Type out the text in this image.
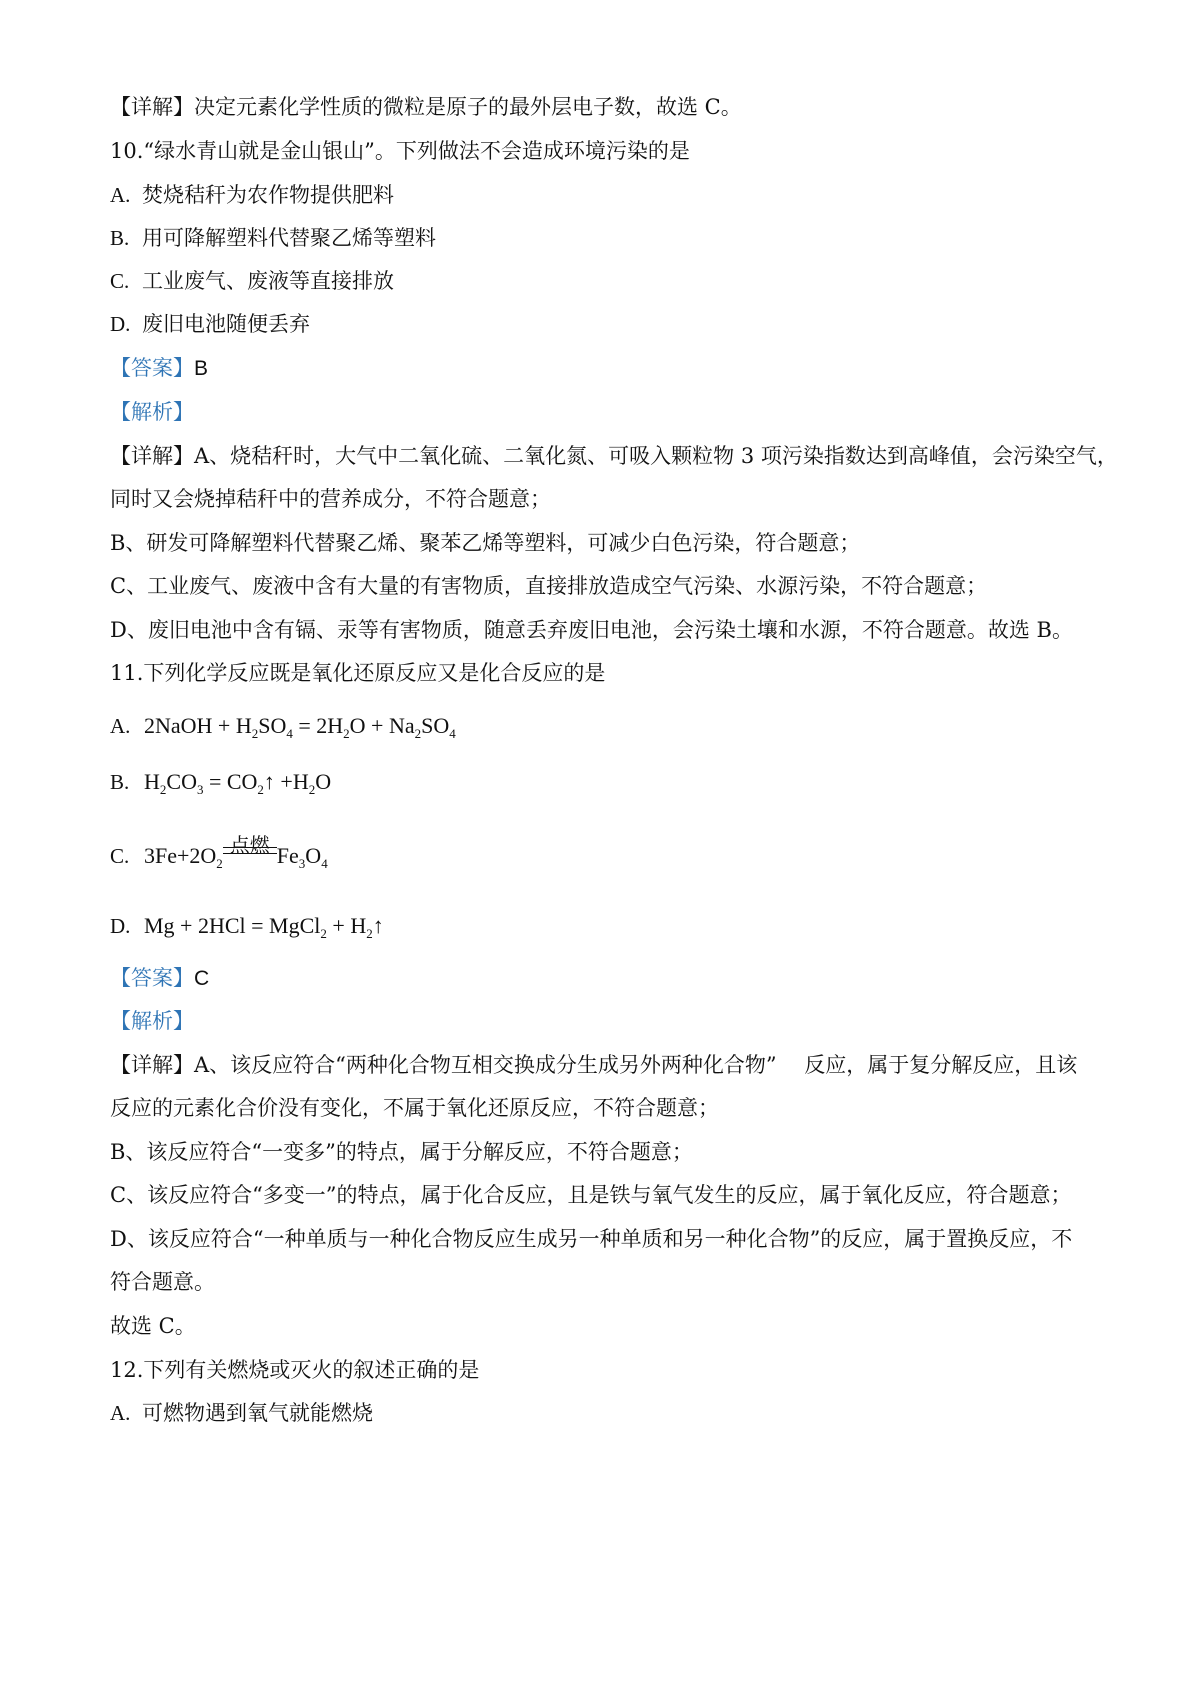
【详解】决定元素化学性质的微粒是原子的最外层电子数，故选 C。
10.“绿水青山就是金山银山”。下列做法不会造成环境污染的是
A. 焚烧秸秆为农作物提供肥料
B. 用可降解塑料代替聚乙烯等塑料
C. 工业废气、废液等直接排放
D. 废旧电池随便丢弃
【答案】B
【解析】
【详解】A、烧秸秆时，大气中二氧化硫、二氧化氮、可吸入颗粒物 3 项污染指数达到高峰值，会污染空气，
同时又会烧掉秸秆中的营养成分，不符合题意；
B、研发可降解塑料代替聚乙烯、聚苯乙烯等塑料，可减少白色污染，符合题意；
C、工业废气、废液中含有大量的有害物质，直接排放造成空气污染、水源污染，不符合题意；
D、废旧电池中含有镉、汞等有害物质，随意丢弃废旧电池，会污染土壤和水源，不符合题意。故选 B。
11.下列化学反应既是氧化还原反应又是化合反应的是
A. 2NaOH + $H_2SO_4 = 2H_2O + Na_2SO_4$
B. $H_2CO_3$ = $CO_2↑ +H_2O$
C. $3Fe+2O_2$
点燃 $Fe_3O_4$
D. Mg + 2HCl = MgCl$_2$ + $H_2↑$
【答案】C
【解析】
【详解】A、该反应符合“两种化合物互相交换成分生成另外两种化合物”　 反应，属于复分解反应，且该
反应的元素化合价没有变化，不属于氧化还原反应，不符合题意；
B、该反应符合“一变多”的特点，属于分解反应，不符合题意；
C、该反应符合“多变一”的特点，属于化合反应，且是铁与氧气发生的反应，属于氧化反应，符合题意；
D、该反应符合“一种单质与一种化合物反应生成另一种单质和另一种化合物”的反应，属于置换反应，不
符合题意。
故选 C。
12.下列有关燃烧或灭火的叙述正确的是
A. 可燃物遇到氧气就能燃烧
